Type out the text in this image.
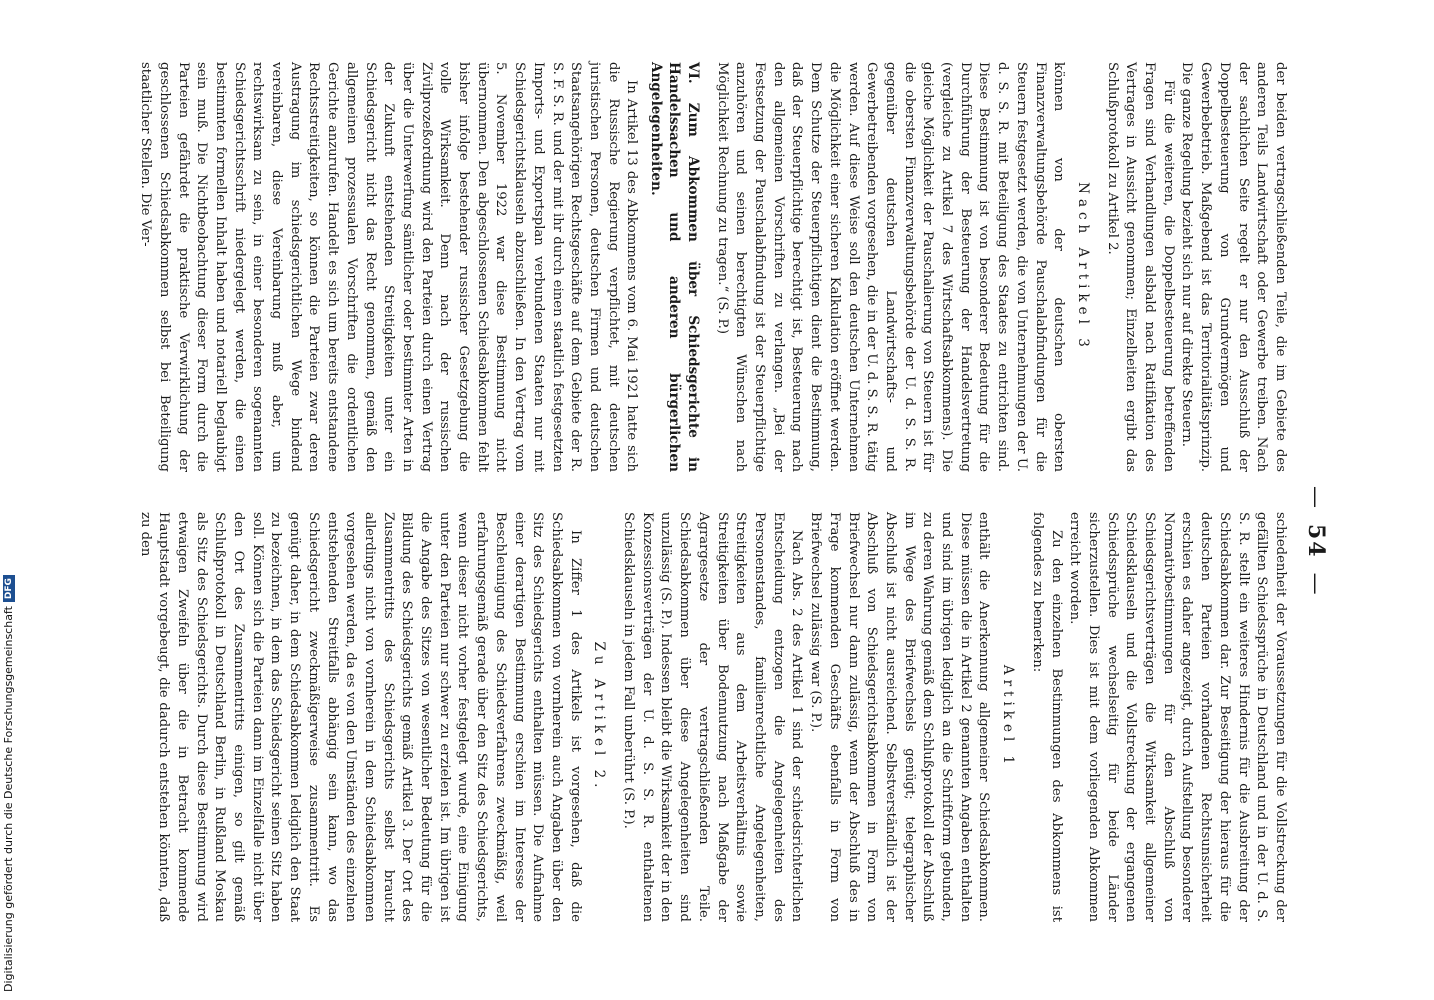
—54—

der beiden vertragschließenden Teile, die im Gebiete des anderen Teils Landwirtschaft oder Gewerbe treiben. Nach der sachlichen Seite regelt er nur den Ausschluß der Doppelbesteuerung von Grundvermögen und Gewerbebetrieb. Maßgebend ist das Territorialitätsprinzip. Die ganze Regelung bezieht sich nur auf direkte Steuern.

Für die weiteren, die Doppelbesteuerung betreffenden Fragen sind Verhandlungen alsbald nach Ratifikation des Vertrages in Aussicht genommen; Einzelheiten ergibt das Schlußprotokoll zu Artikel 2.

Nach Artikel 3

können von der deutschen obersten Finanzverwaltungsbehörde Pauschalabfindungen für die Steuern festgesetzt werden, die von Unternehmungen der U. d. S. S. R. mit Beteiligung des Staates zu entrichten sind. Diese Bestimmung ist von besonderer Bedeutung für die Durchführung der Besteuerung der Handelsvertretung (vergleiche zu Artikel 7 des Wirtschaftsabkommens). Die gleiche Möglichkeit der Pauschalierung von Steuern ist für die obersten Finanzverwaltungsbehörde der U. d. S. S. R. gegenüber deutschen Landwirtschafts- und Gewerbetreibenden vorgesehen, die in der U. d. S. S. R. tätig werden. Auf diese Weise soll den deutschen Unternehmen die Möglichkeit einer sicheren Kalkulation eröffnet werden. Dem Schutze der Steuerpflichtigen dient die Bestimmung, daß der Steuerpflichtige berechtigt ist, Besteuerung nach den allgemeinen Vorschriften zu verlangen. „Bei der Festsetzung der Pauschalabfindung ist der Steuerpflichtige anzuhören und seinen berechtigten Wünschen nach Möglichkeit Rechnung zu tragen.“ (S. P.)

VI. Zum Abkommen über Schiedsgerichte in Handelssachen und anderen bürgerlichen Angelegenheiten.

In Artikel 13 des Abkommens vom 6. Mai 1921 hatte sich die Russische Regierung verpflichtet, mit deutschen juristischen Personen, deutschen Firmen und deutschen Staatsangehörigen Rechtsgeschäfte auf dem Gebiete der R. S. F. S. R. und der mit ihr durch einen staatlich festgesetzten Imports- und Exportsplan verbundenen Staaten nur mit Schiedsgerichtsklauseln abzuschließen. In den Vertrag vom 5. November 1922 war diese Bestimmung nicht übernommen. Den abgeschlossenen Schiedsabkommen fehlt bisher infolge bestehender russischer Gesetzgebung die volle Wirksamkeit. Denn nach der russischen Zivilprozeßordnung wird den Parteien durch einen Vertrag über die Unterwerfung sämtlicher oder bestimmter Arten in der Zukunft entstehenden Streitigkeiten unter ein Schiedsgericht nicht das Recht genommen, gemäß den allgemeinen prozessualen Vorschriften die ordentlichen Gerichte anzurufen. Handelt es sich um bereits entstandene Rechtsstreitigkeiten, so können die Parteien zwar deren Austragung im schiedsgerichtlichen Wege bindend vereinbaren, diese Vereinbarung muß aber, um rechtswirksam zu sein, in einer besonderen sogenannten Schiedsgerichtsschrift niedergelegt werden, die einen bestimmten formellen Inhalt haben und notariell beglaubigt sein muß. Die Nichtbeobachtung dieser Form durch die Parteien gefährdet die praktische Verwirklichung der geschlossenen Schiedsabkommen selbst bei Beteiligung staatlicher Stellen. Die Ver-

schiedenheit der Voraussetzungen für die Vollstreckung der gefällten Schiedssprüche in Deutschland und in der U. d. S. S. R. stellt ein weiteres Hindernis für die Ausbreitung der Schiedsabkommen dar. Zur Beseitigung der hieraus für die deutschen Parteien vorhandenen Rechtsunsicherheit erschien es daher angezeigt, durch Aufstellung besonderer Normativbestimmungen für den Abschluß von Schiedsgerichtsverträgen die Wirksamkeit allgemeiner Schiedsklauseln und die Vollstreckung der ergangenen Schiedssprüche wechselseitig für beide Länder sicherzustellen. Dies ist mit dem vorliegenden Abkommen erreicht worden.

Zu den einzelnen Bestimmungen des Abkommens ist folgendes zu bemerken:

Artikel 1

enthält die Anerkennung allgemeiner Schiedsabkommen. Diese müssen die in Artikel 2 genannten Angaben enthalten und sind im übrigen lediglich an die Schriftform gebunden, zu deren Wahrung gemäß dem Schlußprotokoll der Abschluß im Wege des Briefwechsels genügt; telegraphischer Abschluß ist nicht ausreichend. Selbstverständlich ist der Abschluß von Schiedsgerichtsabkommen in Form von Briefwechsel nur dann zulässig, wenn der Abschluß des in Frage kommenden Geschäfts ebenfalls in Form von Briefwechsel zulässig war (S. P.).

Nach Abs. 2 des Artikel 1 sind der schiedsrichterlichen Entscheidung entzogen die Angelegenheiten des Personenstandes, familienrechtliche Angelegenheiten, Streitigkeiten aus dem Arbeitsverhältnis sowie Streitigkeiten über Bodennutzung nach Maßgabe der Agrargesetze der vertragschließenden Teile. Schiedsabkommen über diese Angelegenheiten sind unzulässig (S. P.). Indessen bleibt die Wirksamkeit der in den Konzessionsverträgen der U. d. S. S. R. enthaltenen Schiedsklauseln in jedem Fall unberührt (S. P.).

Zu Artikel 2.

In Ziffer 1 des Artikels ist vorgesehen, daß die Schiedsabkommen von vornherein auch Angaben über den Sitz des Schiedsgerichts enthalten müssen. Die Aufnahme einer derartigen Bestimmung erschien im Interesse der Beschleunigung des Schiedsverfahrens zweckmäßig, weil erfahrungsgemäß gerade über den Sitz des Schiedsgerichts, wenn dieser nicht vorher festgelegt wurde, eine Einigung unter den Parteien nur schwer zu erzielen ist. Im übrigen ist die Angabe des Sitzes von wesentlicher Bedeutung für die Bildung des Schiedsgerichts gemäß Artikel 3. Der Ort des Zusammentritts des Schiedsgerichts selbst braucht allerdings nicht von vornherein in dem Schiedsabkommen vorgesehen werden, da es von den Umständen des einzelnen entstehenden Streitfalls abhängig sein kann, wo das Schiedsgericht zweckmäßigerweise zusammentritt. Es genügt daher, in dem Schiedsabkommen lediglich den Staat zu bezeichnen, in dem das Schiedsgericht seinen Sitz haben soll. Können sich die Parteien dann im Einzelfalle nicht über den Ort des Zusammentritts einigen, so gilt gemäß Schlußprotokoll in Deutschland Berlin, in Rußland Moskau als Sitz des Schiedsgerichts. Durch diese Bestimmung wird etwaigen Zweifeln über die in Betracht kommende Hauptstadt vorgebeugt, die dadurch entstehen könnten, daß zu den

Digitalisierung gefördert durch die Deutsche ForschungsgemeinschaftDFG
